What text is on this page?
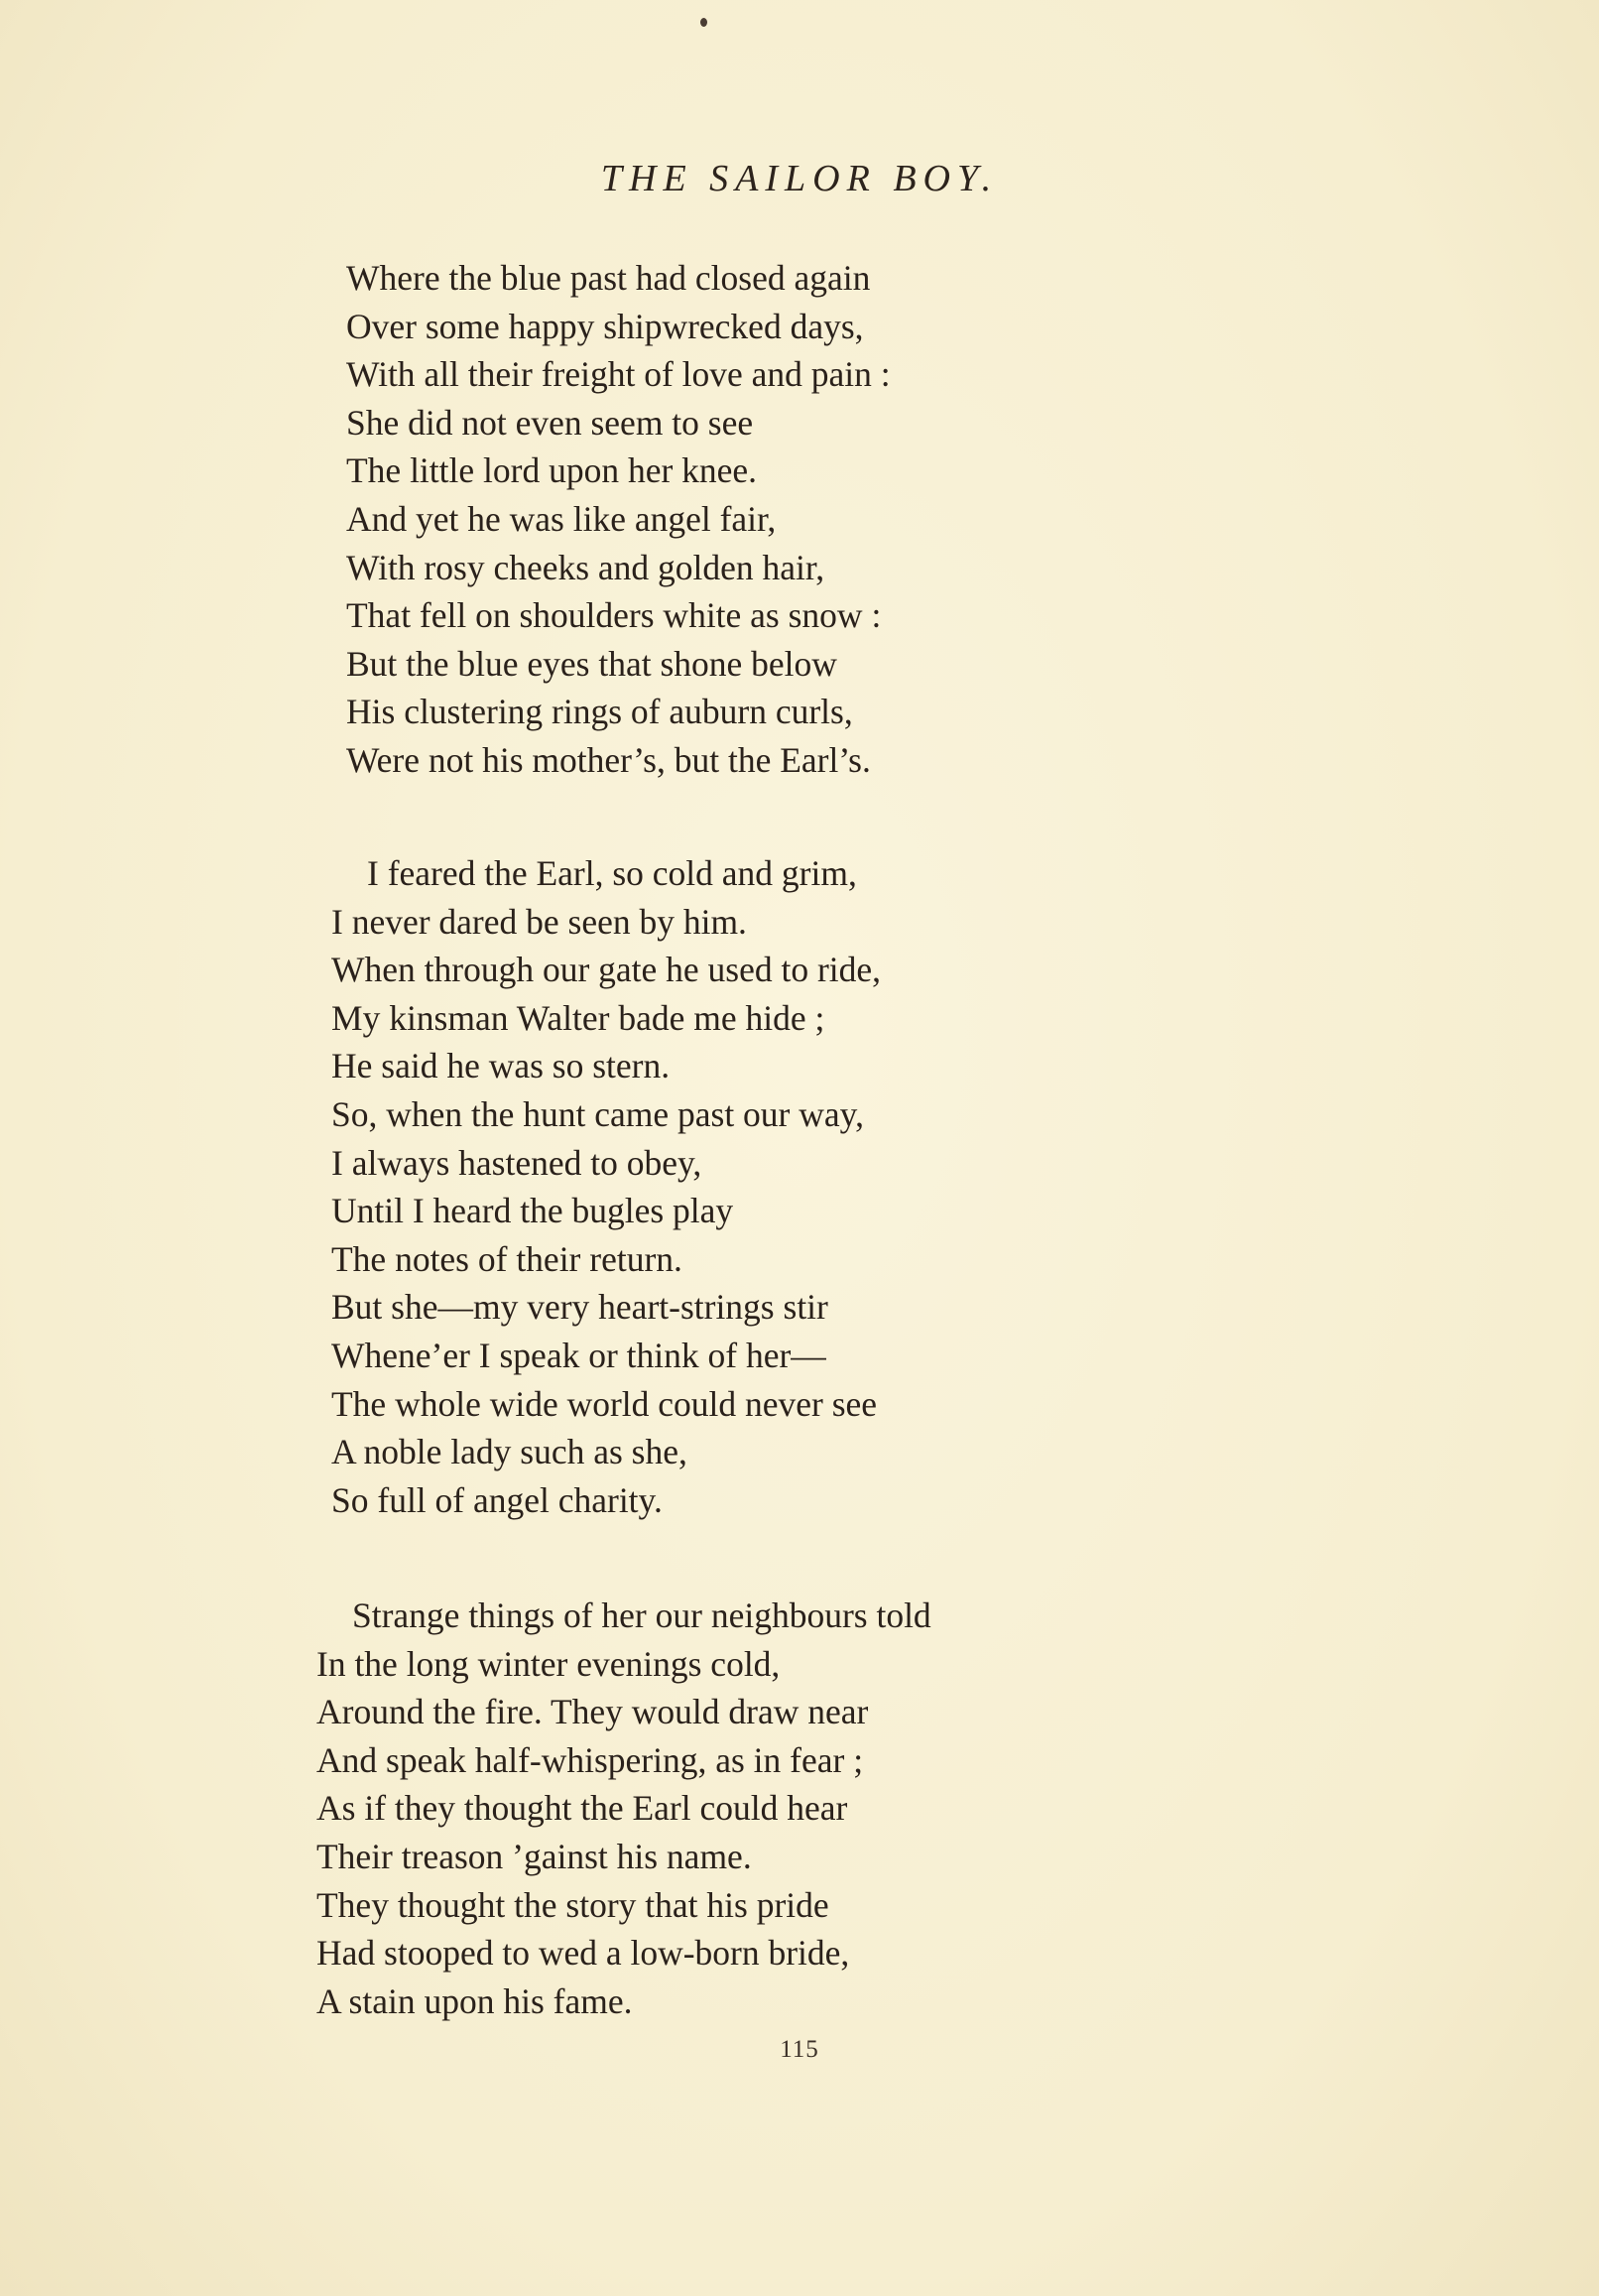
THE SAILOR BOY.
Where the blue past had closed again
Over some happy shipwrecked days,
With all their freight of love and pain :
She did not even seem to see
The little lord upon her knee.
And yet he was like angel fair,
With rosy cheeks and golden hair,
That fell on shoulders white as snow :
But the blue eyes that shone below
His clustering rings of auburn curls,
Were not his mother’s, but the Earl’s.
I feared the Earl, so cold and grim,
I never dared be seen by him.
When through our gate he used to ride,
My kinsman Walter bade me hide ;
He said he was so stern.
So, when the hunt came past our way,
I always hastened to obey,
Until I heard the bugles play
The notes of their return.
But she—my very heart-strings stir
Whene’er I speak or think of her—
The whole wide world could never see
A noble lady such as she,
So full of angel charity.
Strange things of her our neighbours told
In the long winter evenings cold,
Around the fire. They would draw near
And speak half-whispering, as in fear ;
As if they thought the Earl could hear
Their treason ’gainst his name.
They thought the story that his pride
Had stooped to wed a low-born bride,
A stain upon his fame.
115
